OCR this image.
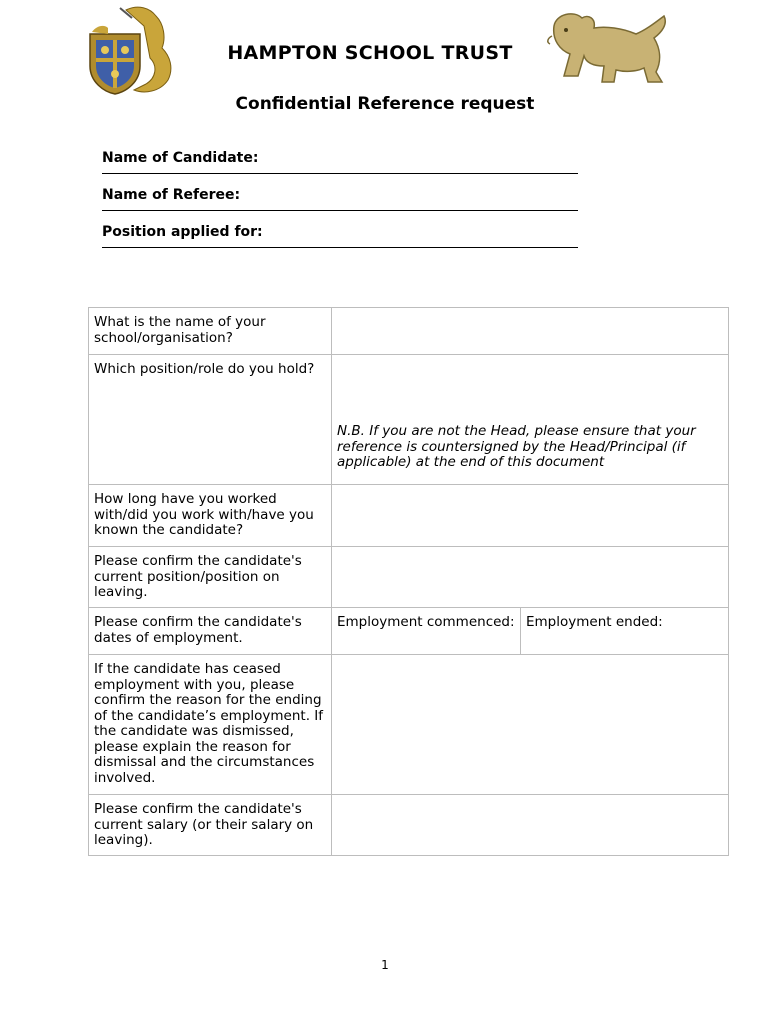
HAMPTON SCHOOL TRUST
Confidential Reference request
Name of Candidate:
Name of Referee:
Position applied for:
What is the name of your school/organisation?		
Which position/role do you hold?	N.B. If you are not the Head, please ensure that your reference is countersigned by the Head/Principal (if applicable) at the end of this document	

How long have you worked with/did you work with/have you known the candidate?		
Please confirm the candidate's current position/position on leaving.		
Please confirm the candidate's dates of employment.	Employment commenced:	Employment ended:
If the candidate has ceased employment with you, please confirm the reason for the ending of the candidate’s employment. If the candidate was dismissed, please explain the reason for dismissal and the circumstances involved.		
Please confirm the candidate's current salary (or their salary on leaving).		
1
